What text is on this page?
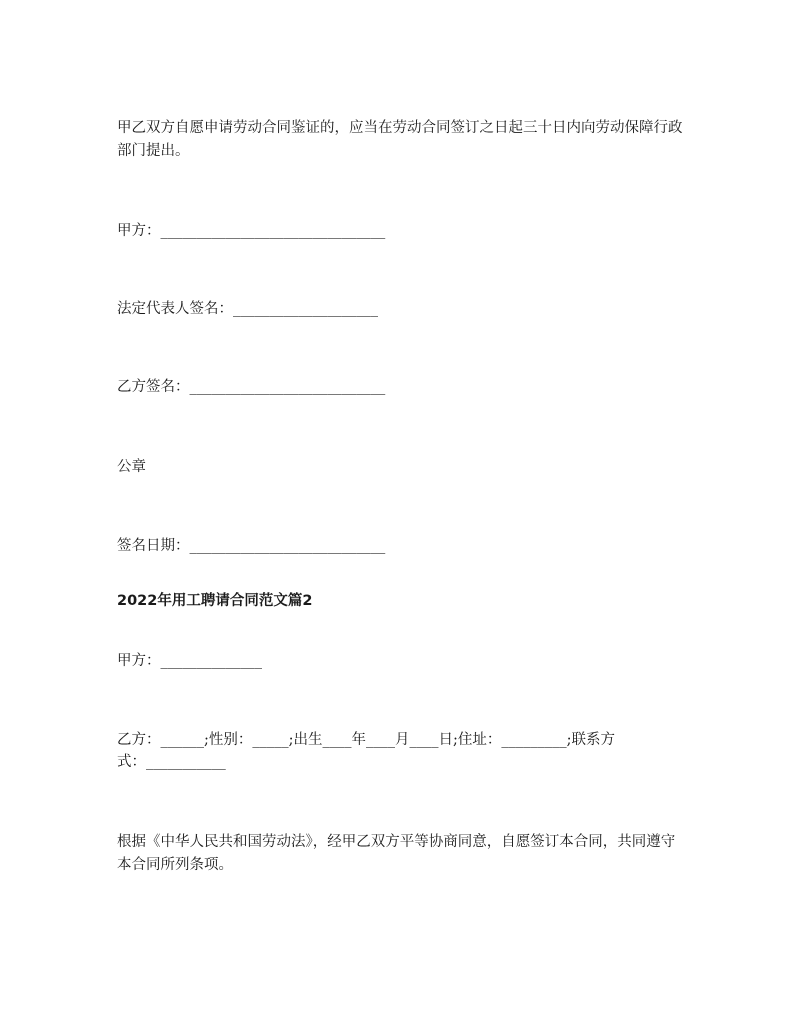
甲乙双方自愿申请劳动合同鉴证的，应当在劳动合同签订之日起三十日内向劳动保障行政部门提出。
甲方：_______________________________
法定代表人签名：____________________
乙方签名：___________________________
公章
签名日期：___________________________
2022年用工聘请合同范文篇2
甲方：______________
乙方：______;性别：_____;出生____年____月____日;住址：_________;联系方
式：___________
根据《中华人民共和国劳动法》，经甲乙双方平等协商同意，自愿签订本合同，共同遵守本合同所列条项。
